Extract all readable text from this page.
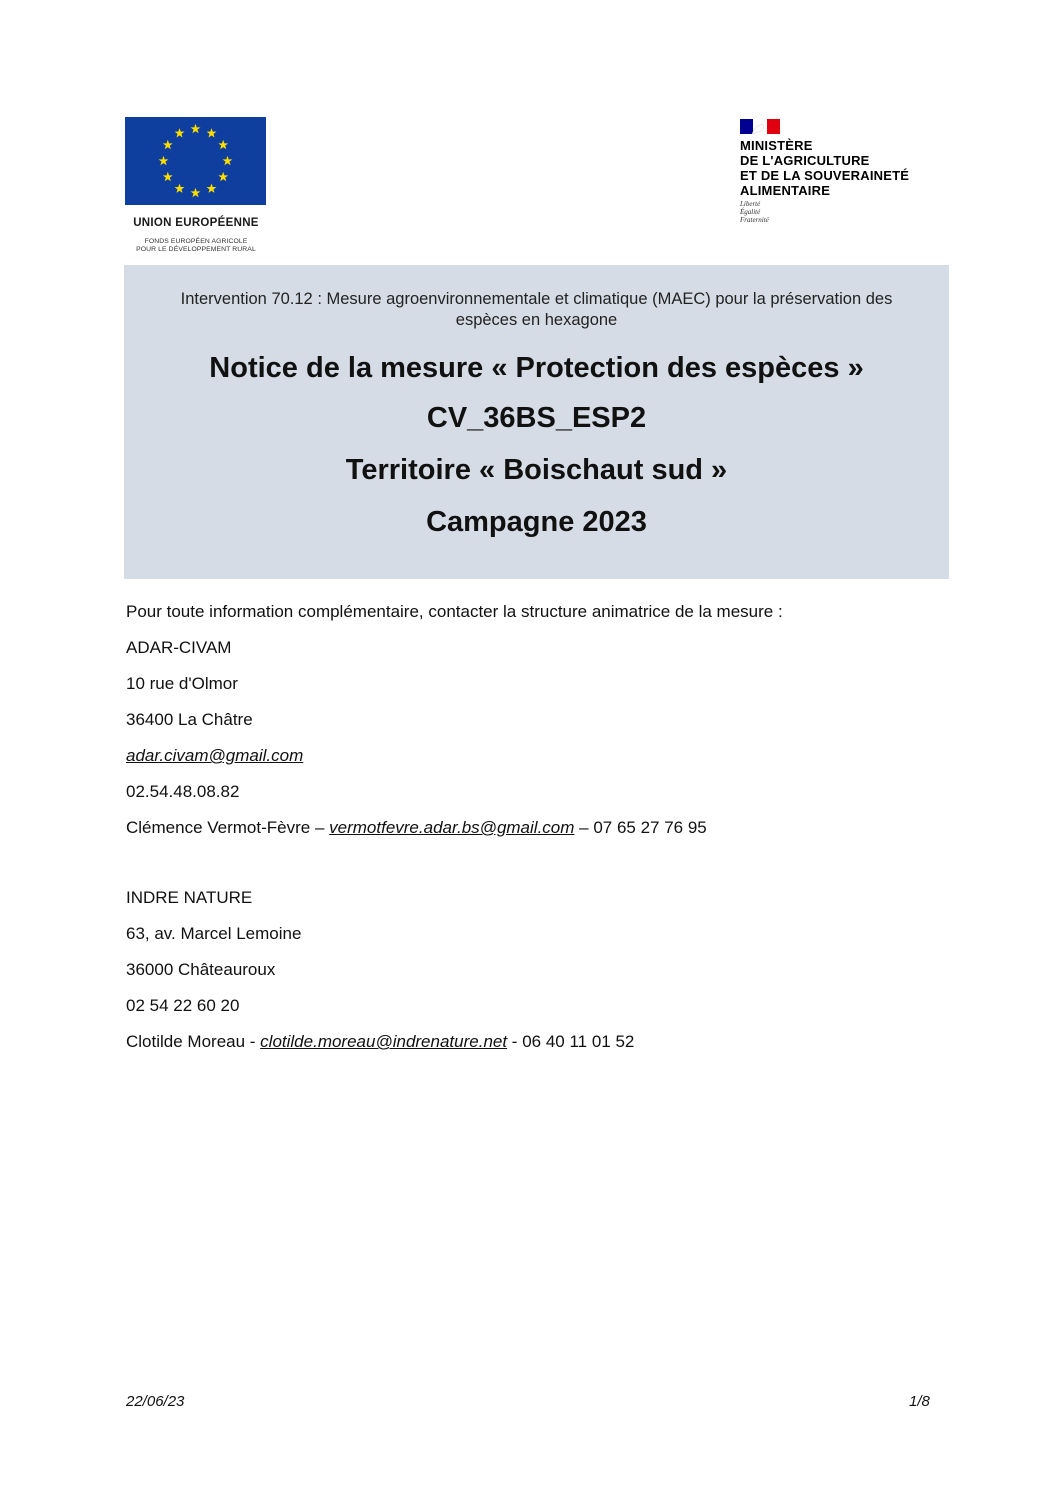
UNION EUROPÉENNE
FONDS EUROPÉEN AGRICOLE
POUR LE DÉVELOPPEMENT RURAL
MINISTÈRE
DE L'AGRICULTURE
ET DE LA SOUVERAINETÉ
ALIMENTAIRE
Liberté
Égalité
Fraternité
Intervention 70.12 : Mesure agroenvironnementale et climatique (MAEC) pour la préservation des espèces en hexagone
Notice de la mesure « Protection des espèces »
CV_36BS_ESP2
Territoire « Boischaut sud »
Campagne 2023
Pour toute information complémentaire, contacter la structure animatrice de la mesure :
ADAR-CIVAM
10 rue d'Olmor
36400 La Châtre
adar.civam@gmail.com
02.54.48.08.82
Clémence Vermot-Fèvre – vermotfevre.adar.bs@gmail.com – 07 65 27 76 95
INDRE NATURE
63, av. Marcel Lemoine
36000 Châteauroux
02 54 22 60 20
Clotilde Moreau - clotilde.moreau@indrenature.net - 06 40 11 01 52
22/06/23	1/8
